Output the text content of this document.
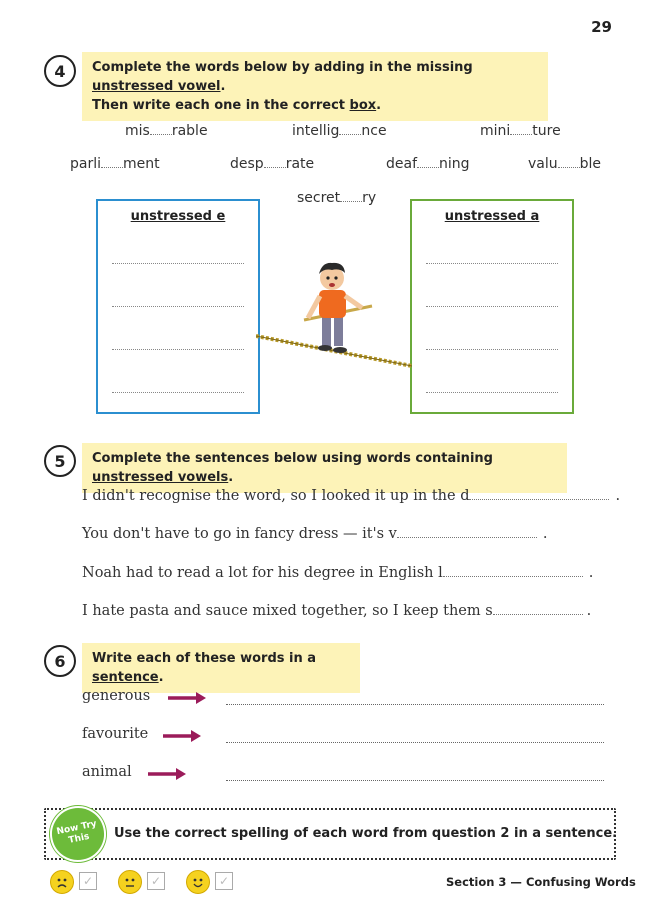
29
4	Complete the words below by adding in the missing unstressed vowel.
Then write each one in the correct box.
mis rable	intellig nce	mini ture
parli ment	desp rate	deaf ning	valu ble
secret ry
unstressed e	unstressed a
5	Complete the sentences below using words containing unstressed vowels.
I didn't recognise the word, so I looked it up in the d	.
You don't have to go in fancy dress — it's v	.
Noah had to read a lot for his degree in English l	.
I hate pasta and sauce mixed together, so I keep them s	.
6	Write each of these words in a sentence.
generous
favourite
animal
Now Try This	Use the correct spelling of each word from question 2 in a sentence.
✓	✓	✓	Section 3 — Confusing Words
